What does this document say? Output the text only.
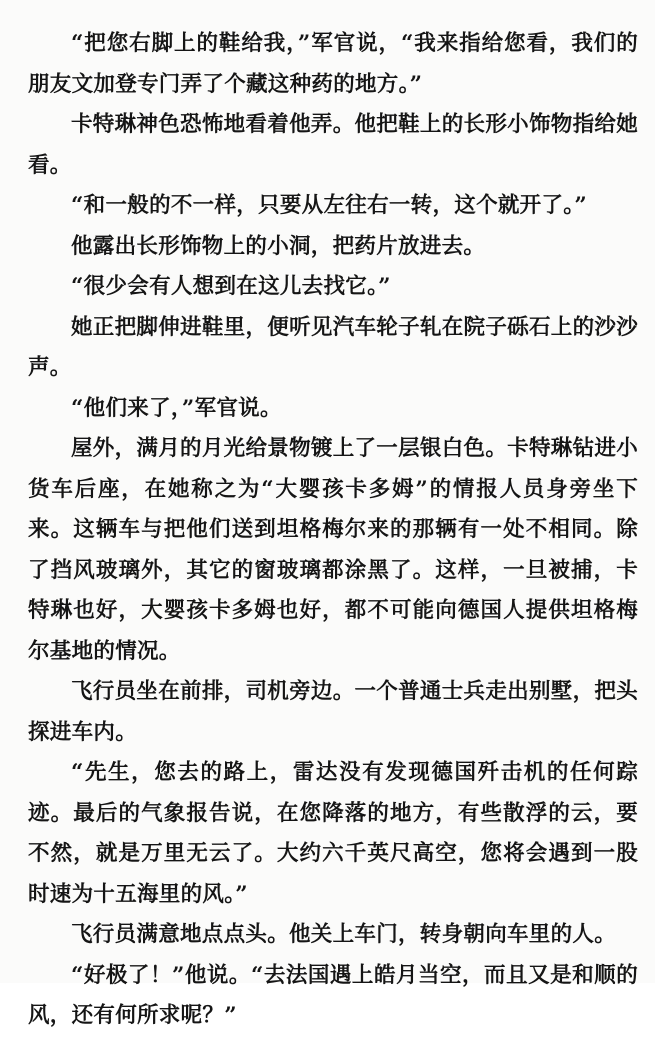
“把您右脚上的鞋给我，”军官说，“我来指给您看，我们的朋友文加登专门弄了个藏这种药的地方。”

卡特琳神色恐怖地看着他弄。他把鞋上的长形小饰物指给她看。

“和一般的不一样，只要从左往右一转，这个就开了。”

他露出长形饰物上的小洞，把药片放进去。

“很少会有人想到在这儿去找它。”

她正把脚伸进鞋里，便听见汽车轮子轧在院子砾石上的沙沙声。

“他们来了，”军官说。

屋外，满月的月光给景物镀上了一层银白色。卡特琳钻进小货车后座，在她称之为“大婴孩卡多姆”的情报人员身旁坐下来。这辆车与把他们送到坦格梅尔来的那辆有一处不相同。除了挡风玻璃外，其它的窗玻璃都涂黑了。这样，一旦被捕，卡特琳也好，大婴孩卡多姆也好，都不可能向德国人提供坦格梅尔基地的情况。

飞行员坐在前排，司机旁边。一个普通士兵走出别墅，把头探进车内。

“先生，您去的路上，雷达没有发现德国歼击机的任何踪迹。最后的气象报告说，在您降落的地方，有些散浮的云，要不然，就是万里无云了。大约六千英尺高空，您将会遇到一股时速为十五海里的风。”

飞行员满意地点点头。他关上车门，转身朝向车里的人。

“好极了！”他说。“去法国遇上皓月当空，而且又是和顺的风，还有何所求呢？”
